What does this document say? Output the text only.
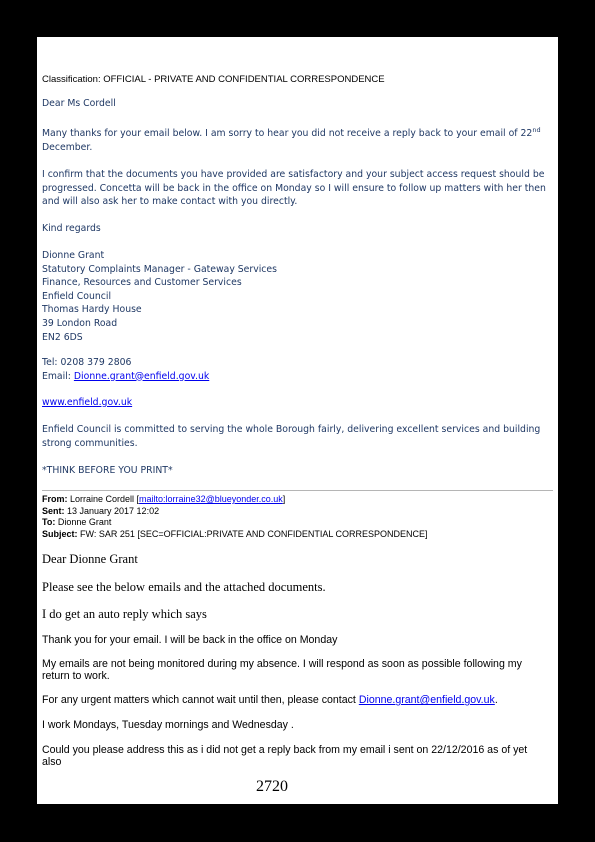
Classification: OFFICIAL - PRIVATE AND CONFIDENTIAL CORRESPONDENCE
Dear Ms Cordell

Many thanks for your email below. I am sorry to hear you did not receive a reply back to your email of 22nd

December.

I confirm that the documents you have provided are satisfactory and your subject access request should be

progressed. Concetta will be back in the office on Monday so I will ensure to follow up matters with her then

and will also ask her to make contact with you directly.

Kind regards

Dionne Grant

Statutory Complaints Manager - Gateway Services

Finance, Resources and Customer Services

Enfield Council

Thomas Hardy House

39 London Road

EN2 6DS

Tel: 0208 379 2806

Email: Dionne.grant@enfield.gov.uk

www.enfield.gov.uk

Enfield Council is committed to serving the whole Borough fairly, delivering excellent services and building

strong communities.

*THINK BEFORE YOU PRINT*
From: Lorraine Cordell [mailto:lorraine32@blueyonder.co.uk]
Sent: 13 January 2017 12:02
To: Dionne Grant
Subject: FW: SAR 251 [SEC=OFFICIAL:PRIVATE AND CONFIDENTIAL CORRESPONDENCE]
Dear Dionne Grant
Please see the below emails and the attached documents.
I do get an auto reply which says
Thank you for your email. I will be back in the office on Monday
My emails are not being monitored during my absence. I will respond as soon as possible following my
return to work.
For any urgent matters which cannot wait until then, please contact Dionne.grant@enfield.gov.uk.
I work Mondays, Tuesday mornings and Wednesday .
Could you please address this as i did not get a reply back from my email i sent on 22/12/2016 as of yet
also
2720
